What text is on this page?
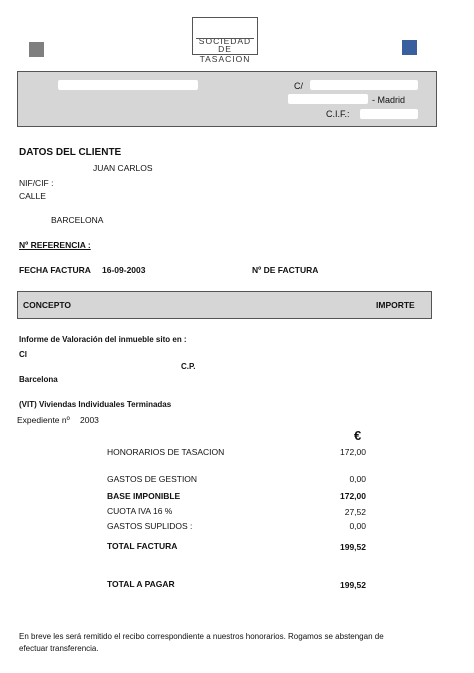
SOCIEDAD
DE TASACION
C/
- Madrid
C.I.F.:
DATOS DEL CLIENTE
JUAN CARLOS
NIF/CIF :
CALLE
BARCELONA
Nº REFERENCIA :
FECHA FACTURA 16-09-2003	Nº DE FACTURA
CONCEPTO	IMPORTE
Informe de Valoración del inmueble sito en :
Cl
C.P.
Barcelona
(VIT) Viviendas Individuales Terminadas
Expediente nº 2003
€
HONORARIOS DE TASACION	172,00
GASTOS DE GESTION	0,00
BASE IMPONIBLE	172,00
CUOTA IVA 16 %	27,52
GASTOS SUPLIDOS :	0,00
TOTAL FACTURA	199,52
TOTAL A PAGAR	199,52
En breve les será remitido el recibo correspondiente a nuestros honorarios. Rogamos se abstengan de
efectuar transferencia.
